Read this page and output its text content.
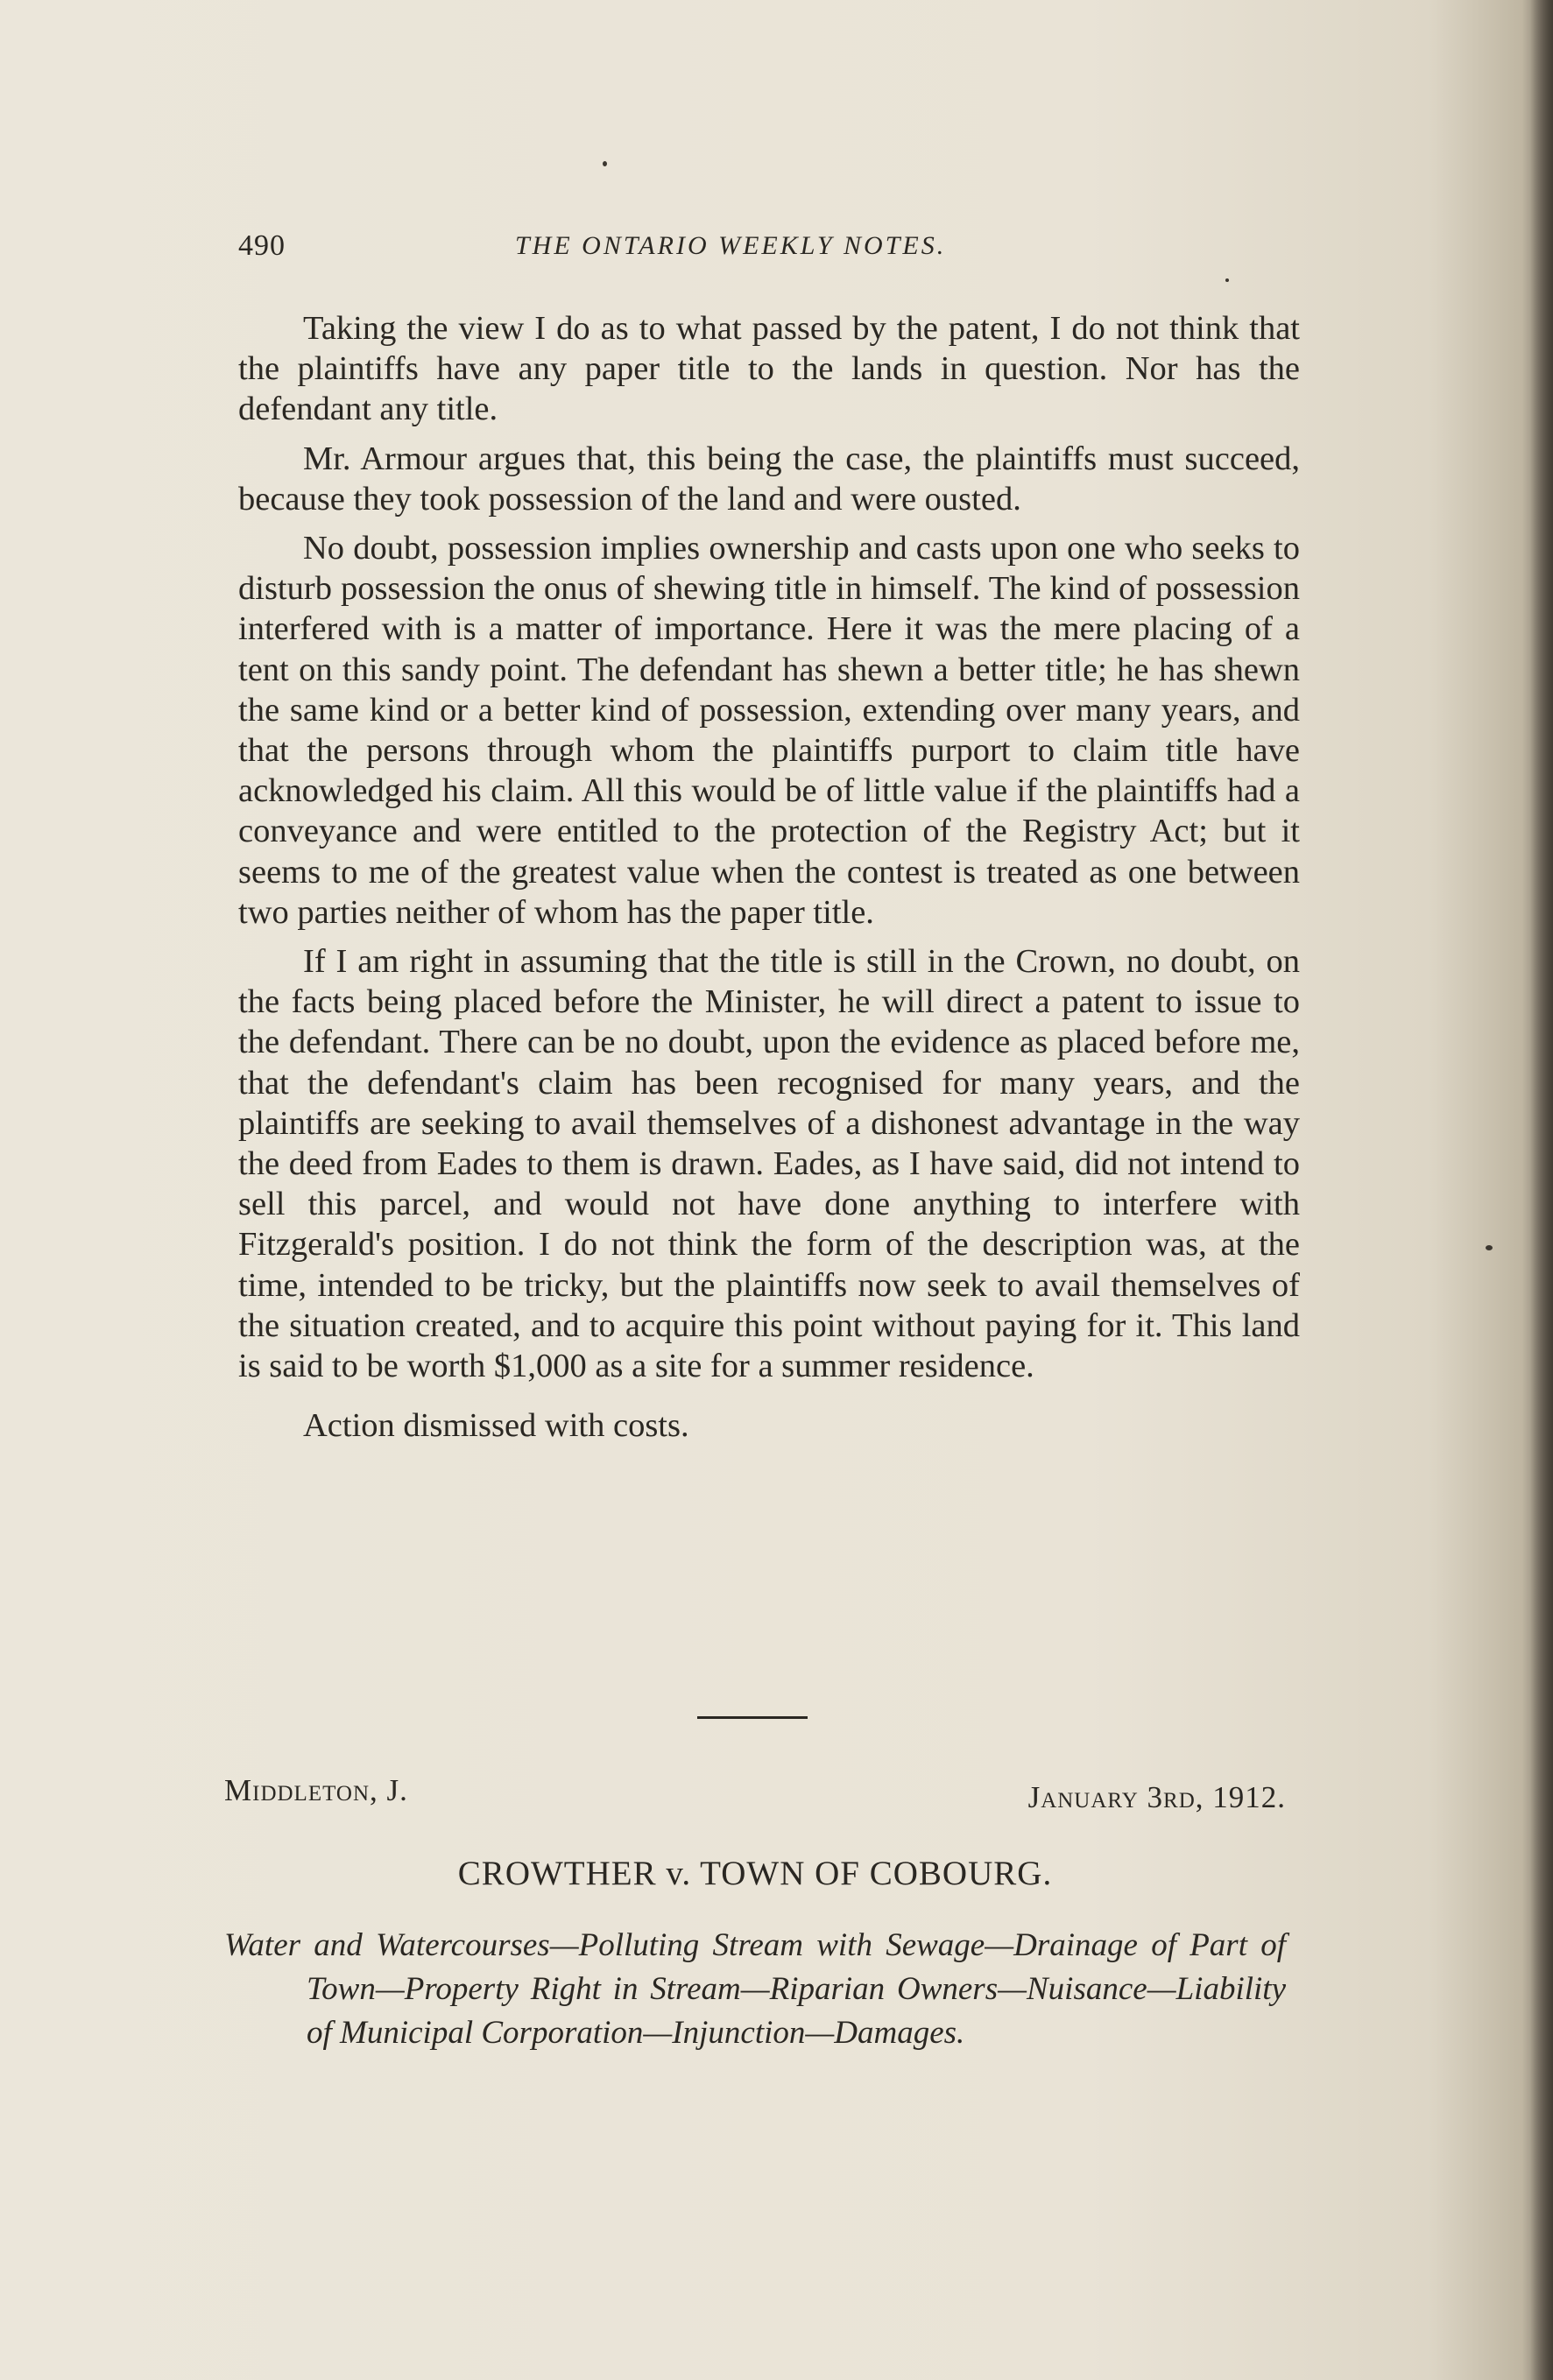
490	THE ONTARIO WEEKLY NOTES.

Taking the view I do as to what passed by the patent, I do not think that the plaintiffs have any paper title to the lands in question. Nor has the defendant any title.

Mr. Armour argues that, this being the case, the plaintiffs must succeed, because they took possession of the land and were ousted.

No doubt, possession implies ownership and casts upon one who seeks to disturb possession the onus of shewing title in himself. The kind of possession interfered with is a matter of importance. Here it was the mere placing of a tent on this sandy point. The defendant has shewn a better title; he has shewn the same kind or a better kind of possession, extending over many years, and that the persons through whom the plaintiffs purport to claim title have acknowledged his claim. All this would be of little value if the plaintiffs had a conveyance and were entitled to the protection of the Registry Act; but it seems to me of the greatest value when the contest is treated as one between two parties neither of whom has the paper title.

If I am right in assuming that the title is still in the Crown, no doubt, on the facts being placed before the Minister, he will direct a patent to issue to the defendant. There can be no doubt, upon the evidence as placed before me, that the defendant's claim has been recognised for many years, and the plaintiffs are seeking to avail themselves of a dishonest advantage in the way the deed from Eades to them is drawn. Eades, as I have said, did not intend to sell this parcel, and would not have done anything to interfere with Fitzgerald's position. I do not think the form of the description was, at the time, intended to be tricky, but the plaintiffs now seek to avail themselves of the situation created, and to acquire this point without paying for it. This land is said to be worth $1,000 as a site for a summer residence.

Action dismissed with costs.

Middleton, J.	January 3rd, 1912.
CROWTHER v. TOWN OF COBOURG.

Water and Watercourses—Polluting Stream with Sewage—Drainage of Part of Town—Property Right in Stream—Riparian Owners—Nuisance—Liability of Municipal Corporation—Injunction—Damages.
